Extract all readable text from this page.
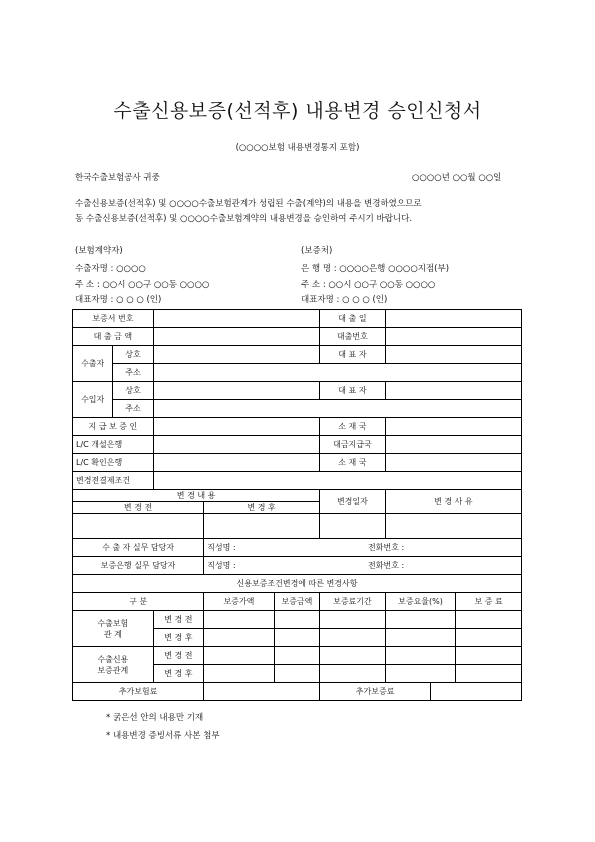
수출신용보증(선적후) 내용변경 승인신청서
(○○○○보험 내용변경통지 포함)
한국수출보험공사 귀중	○○○○년 ○○월 ○○일
수출신용보증(선적후) 및 ○○○○수출보험관계가 성립된 수출(계약)의 내용을 변경하였으므로
동 수출신용보증(선적후) 및 ○○○○수출보험계약의 내용변경을 승인하여 주시기 바랍니다.
(보험계약자)
수출자명 : ○○○○
주 소 : ○○시 ○○구 ○○동 ○○○○
대표자명 : ○ ○ ○ (인)
(보증처)
은 행 명 : ○○○○은행 ○○○○지점(부)
주 소 : ○○시 ○○구 ○○동 ○○○○
대표자명 : ○ ○ ○ (인)
보증서 번호					대 출 일				
대 출 금 액					대출번호				
수출자	상호				대 표 자				
	주소								
수입자	상호				대 표 자				
	주소								
지 급 보 증 인					소 재 국				
L/C 개설은행					대금지급국				
L/C 확인은행					소 재 국				
변경전결제조건									
변 경 내 용					변경일자		변 경 사 유		
변 경 전			변 경 후						

수 출 자 실무 담당자			직성명 :			전화번호 :			
보증은행 실무 담당자			직성명 :			전화번호 :			
신용보증조건변경에 따른 변경사항									
구 분			보증가액	보증금액	보증료기간		보증요율(%)		보 증 료

수출보험
관 계		변 경 전							
		변 경 후							

수출신용
보증관계		변 경 전							
		변 경 후							
추가보험료					추가보증료				
* 굵은선 안의 내용만 기재
* 내용변경 증빙서류 사본 첨부
